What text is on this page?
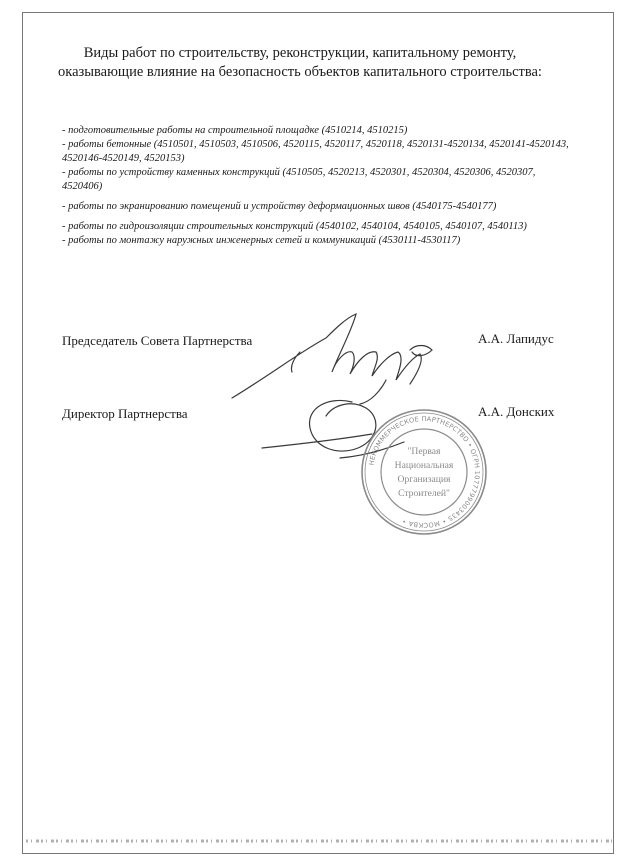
Виды работ по строительству, реконструкции, капитальному ремонту,
оказывающие влияние на безопасность объектов капитального строительства:
- подготовительные работы на строительной площадке (4510214, 4510215)
- работы бетонные (4510501, 4510503, 4510506, 4520115, 4520117, 4520118, 4520131-4520134, 4520141-4520143, 4520146-4520149, 4520153)
- работы по устройству каменных конструкций (4510505, 4520213, 4520301, 4520304, 4520306, 4520307, 4520406)
- работы по экранированию помещений и устройству деформационных швов (4540175-4540177)
- работы по гидроизоляции строительных конструкций (4540102, 4540104, 4540105, 4540107, 4540113)
- работы по монтажу наружных инженерных сетей и коммуникаций (4530111-4530117)
Председатель Совета Партнерства	А.А. Лапидус
Директор Партнерства	А.А. Донских
НЕКОММЕРЧЕСКОЕ ПАРТНЕРСТВО • ОГРН 1077799003435 • МОСКВА •
"Первая
Национальная
Организация
Строителей"
